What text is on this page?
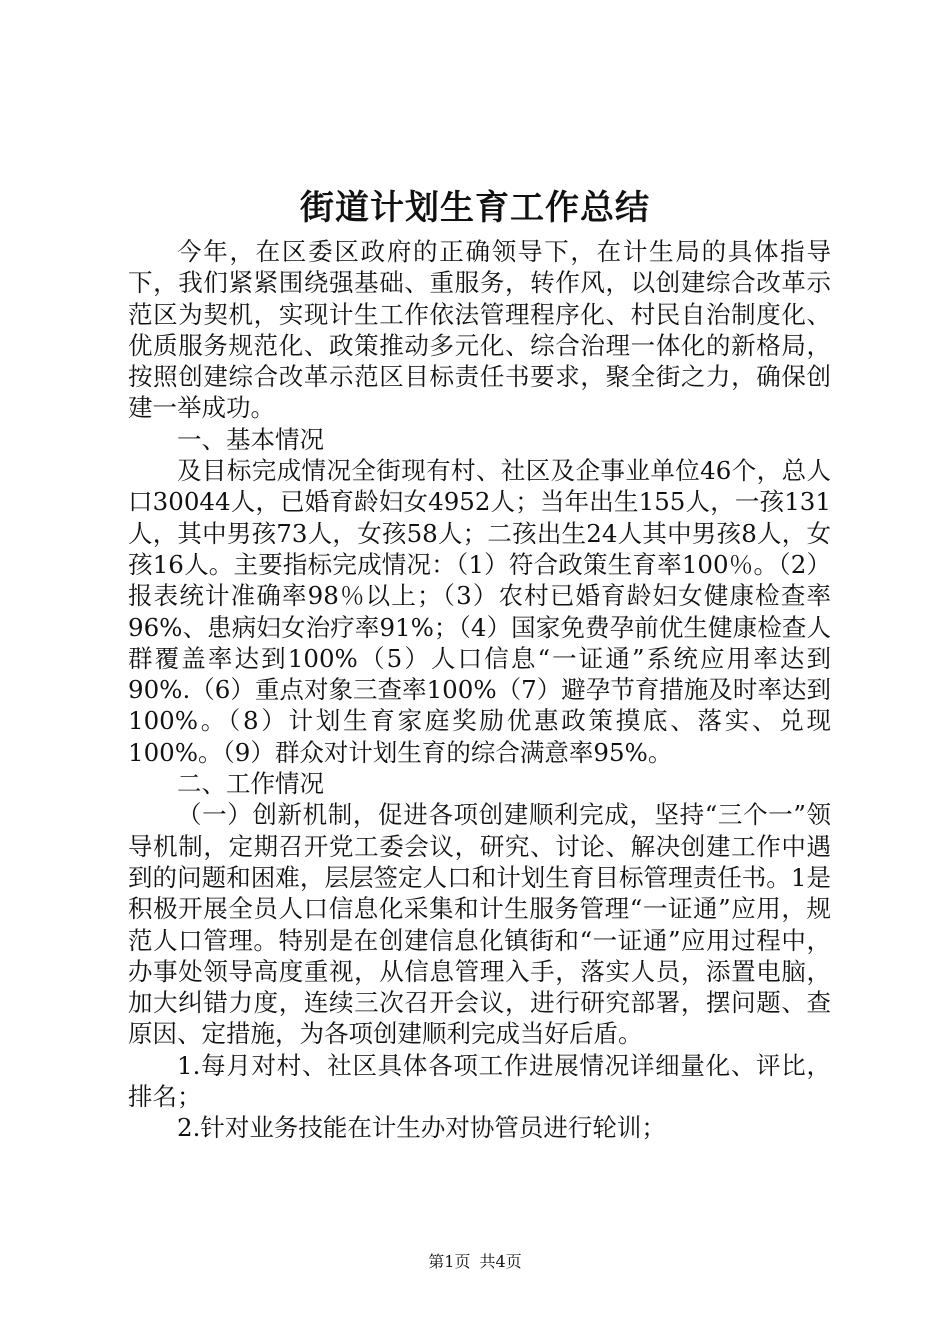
街道计划生育工作总结

今年，在区委区政府的正确领导下，在计生局的具体指导下，我们紧紧围绕强基础、重服务，转作风，以创建综合改革示范区为契机，实现计生工作依法管理程序化、村民自治制度化、优质服务规范化、政策推动多元化、综合治理一体化的新格局，按照创建综合改革示范区目标责任书要求，聚全街之力，确保创建一举成功。

一、基本情况

及目标完成情况全街现有村、社区及企事业单位46个，总人口30044人，已婚育龄妇女4952人；当年出生155人，一孩131人，其中男孩73人，女孩58人；二孩出生24人其中男孩8人，女孩16人。主要指标完成情况：（1）符合政策生育率100％。（2）报表统计准确率98％以上；（3）农村已婚育龄妇女健康检查率96%、患病妇女治疗率91%；（4）国家免费孕前优生健康检查人群覆盖率达到100%（5）人口信息“一证通”系统应用率达到90%.（6）重点对象三查率100%（7）避孕节育措施及时率达到100%。（8）计划生育家庭奖励优惠政策摸底、落实、兑现100%。（9）群众对计划生育的综合满意率95%。

二、工作情况

（一）创新机制，促进各项创建顺利完成，坚持“三个一”领导机制，定期召开党工委会议，研究、讨论、解决创建工作中遇到的问题和困难，层层签定人口和计划生育目标管理责任书。1是积极开展全员人口信息化采集和计生服务管理“一证通”应用，规范人口管理。特别是在创建信息化镇街和“一证通”应用过程中，办事处领导高度重视，从信息管理入手，落实人员，添置电脑，加大纠错力度，连续三次召开会议，进行研究部署，摆问题、查原因、定措施，为各项创建顺利完成当好后盾。

1.每月对村、社区具体各项工作进展情况详细量化、评比，排名；

2.针对业务技能在计生办对协管员进行轮训；

第1页 共4页
